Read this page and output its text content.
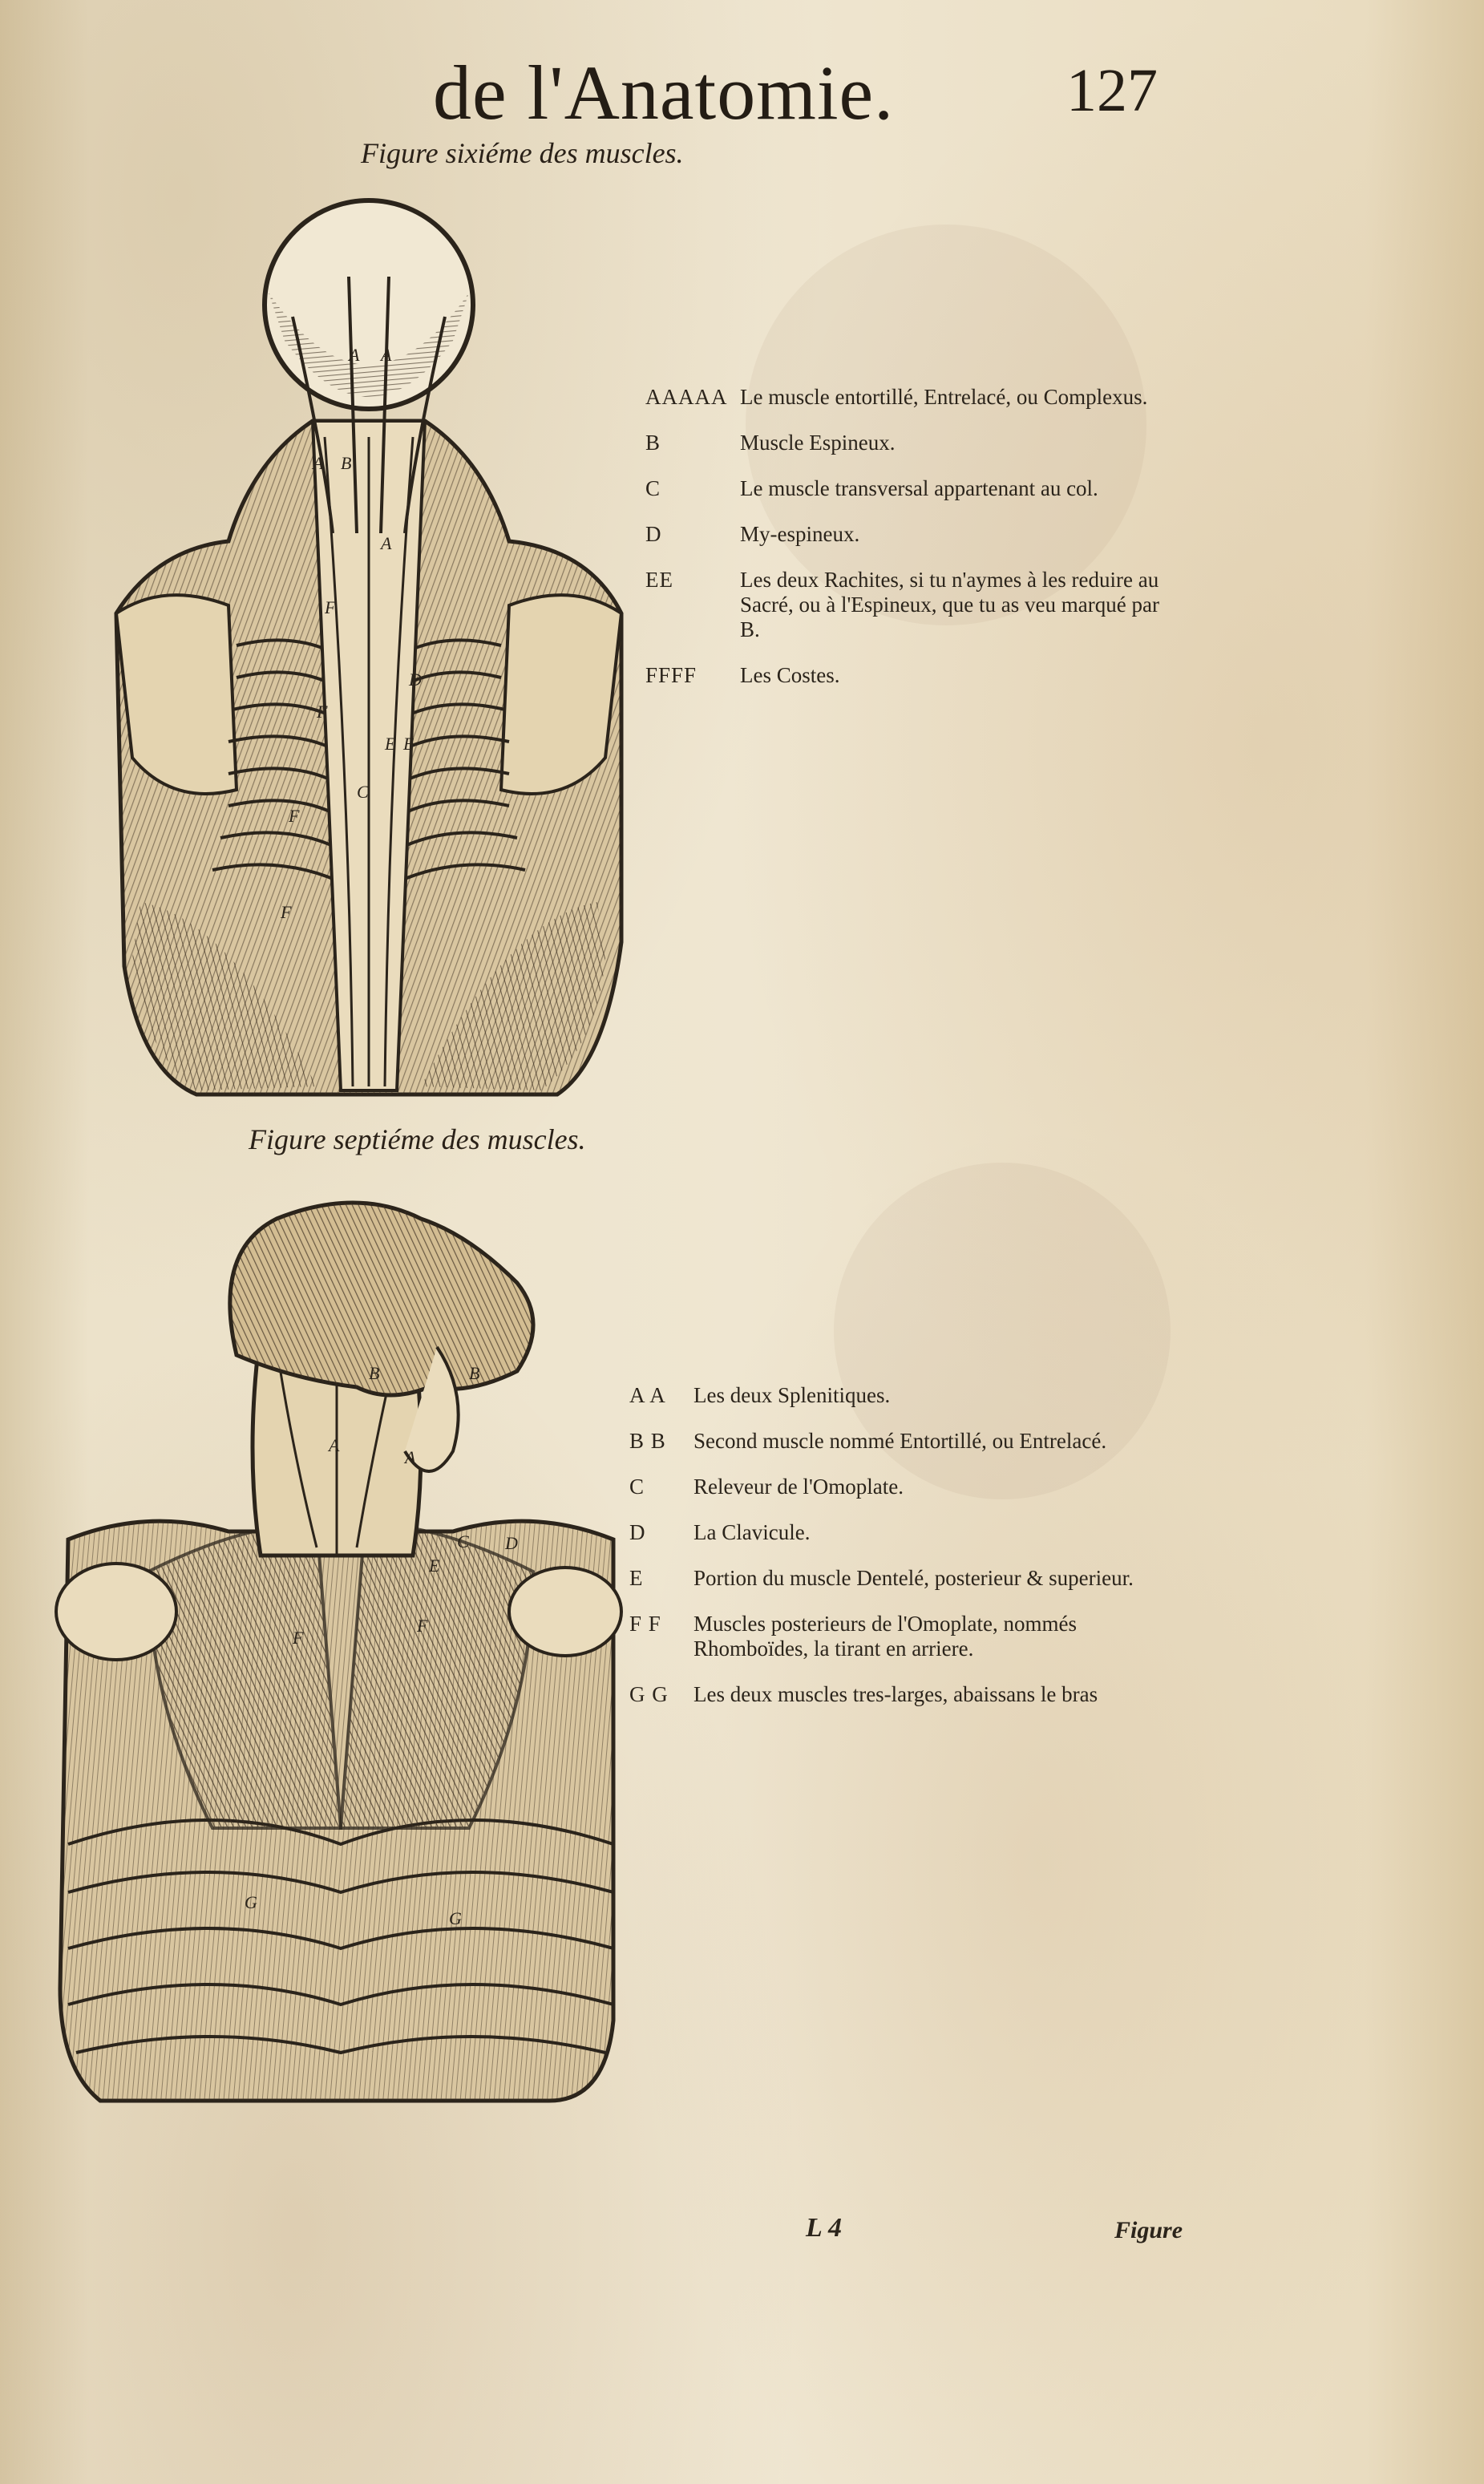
de l'Anatomie.	127
Figure sixiéme des muscles.
A A
A B
A
C
D
E E
F
F
F
F
AAAAA Le muscle entortillé, Entrelacé, ou Complexus.
B	Muscle Espineux.
C	Le muscle transversal appartenant au col.
D	My-espineux.
EE	Les deux Rachites, si tu n'aymes à les reduire au Sacré, ou à l'Espineux, que tu as veu marqué par B.
FFFF	Les Costes.
Figure septiéme des muscles.
B	B
A
A
C D
E
F
F
G
G
A A	Les deux Splenitiques.
B B	Second muscle nommé Entortillé, ou Entrelacé.
C	Releveur de l'Omoplate.
D	La Clavicule.
E	Portion du muscle Dentelé, posterieur & superieur.
F F	Muscles posterieurs de l'Omoplate, nommés Rhomboïdes, la tirant en arriere.
G G	Les deux muscles tres-larges, abaissans le bras
L 4	Figure
